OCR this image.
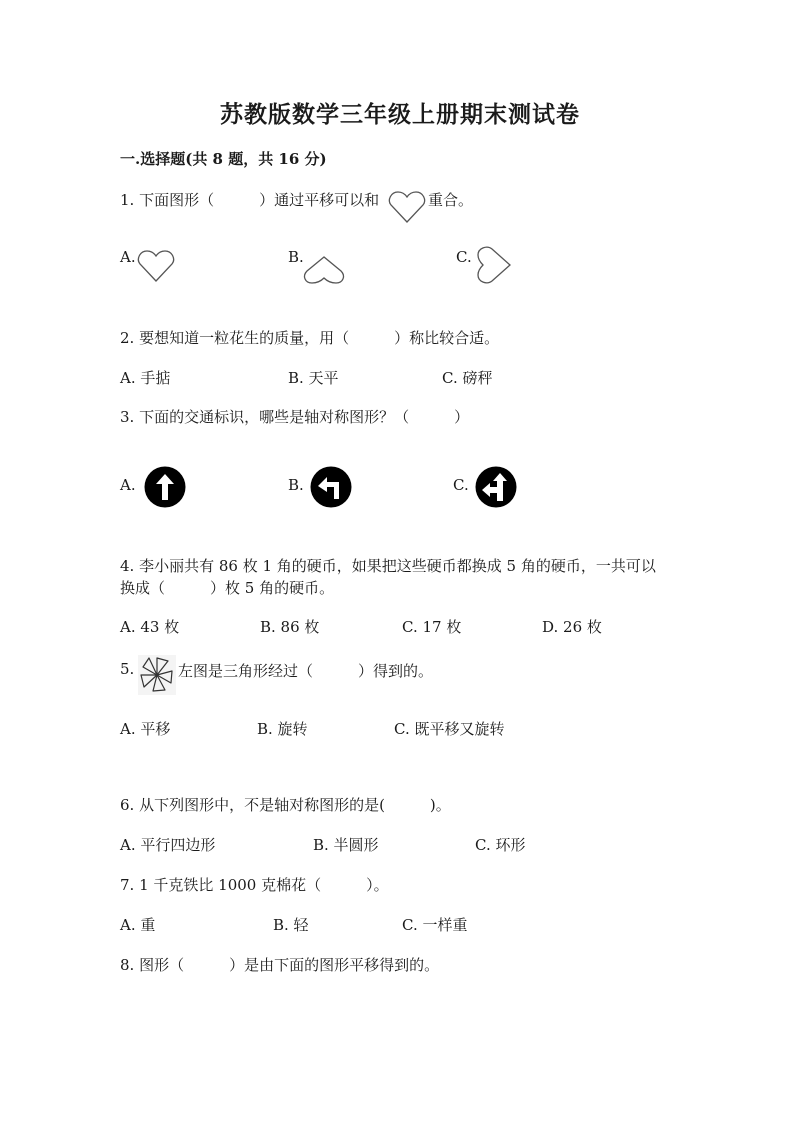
苏教版数学三年级上册期末测试卷
一.选择题(共 8 题，共 16 分)
1. 下面图形（　　　）通过平移可以和	重合。
A.	B.	C.
2. 要想知道一粒花生的质量，用（　　　）称比较合适。
A. 手掂	B. 天平	C. 磅秤
3. 下面的交通标识，哪些是轴对称图形？（　　　）
A.	B.	C.
4. 李小丽共有 86 枚 1 角的硬币，如果把这些硬币都换成 5 角的硬币，一共可以
换成（　　　）枚 5 角的硬币。
A. 43 枚	B. 86 枚	C. 17 枚	D. 26 枚
5.	左图是三角形经过（　　　）得到的。
A. 平移	B. 旋转	C. 既平移又旋转
6. 从下列图形中，不是轴对称图形的是(　　　)。
A. 平行四边形	B. 半圆形	C. 环形
7. 1 千克铁比 1000 克棉花（　　　）。
A. 重	B. 轻	C. 一样重
8. 图形（　　　）是由下面的图形平移得到的。
